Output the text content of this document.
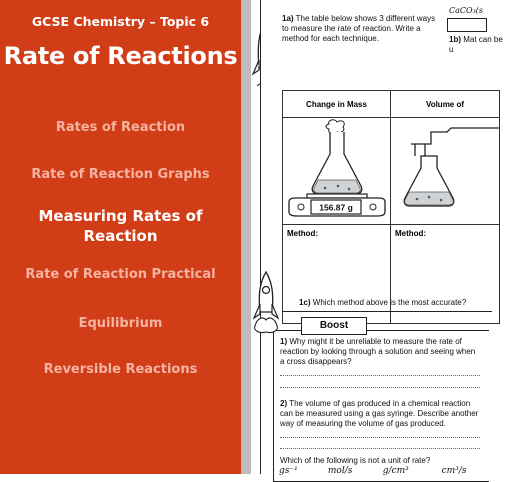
GCSE Chemistry – Topic 6
Rate of Reactions
Rates of Reaction
Rate of Reaction Graphs
Measuring Rates of Reaction
Rate of Reaction Practical
Equilibrium
Reversible Reactions
1a) The table below shows 3 different ways to measure the rate of reaction. Write a method for each technique.
CaCO₃(s
1b) Mat can be u
Change in Mass	Volume of

156.87 g

Method:	Method:
1c) Which method above is the most accurate?
1) Why might it be unreliable to measure the rate of reaction by looking through a solution and seeing when a cross disappears?
2) The volume of gas produced in a chemical reaction can be measured using a gas syringe. Describe another way of measuring the volume of gas produced.
Which of the following is not a unit of rate?
Boost
gs⁻¹	mol/s	g/cm³	cm³/s
